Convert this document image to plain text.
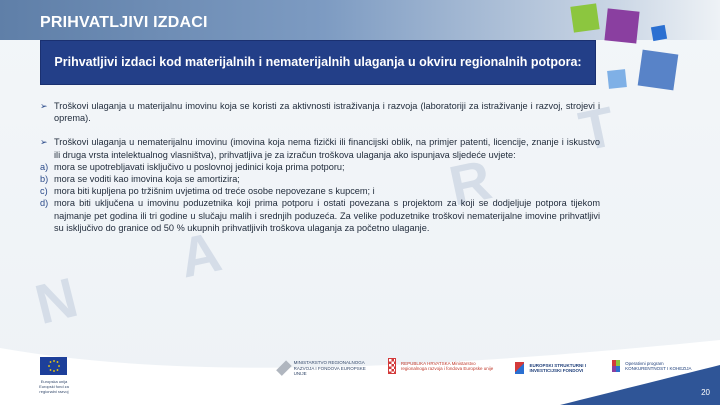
N
A
R
T
PRIHVATLJIVI IZDACI
Prihvatljivi izdaci kod materijalnih i nematerijalnih ulaganja u okviru regionalnih potpora:
➢ Troškovi ulaganja u materijalnu imovinu koja se koristi za aktivnosti istraživanja i razvoja (laboratoriji za istraživanje i razvoj, strojevi i oprema).
➢ Troškovi ulaganja u nematerijalnu imovinu (imovina koja nema fizički ili financijski oblik, na primjer patenti, licencije, znanje i iskustvo ili druga vrsta intelektualnog vlasništva), prihvatljiva je za izračun troškova ulaganja ako ispunjava sljedeće uvjete:
a) mora se upotrebljavati isključivo u poslovnoj jedinici koja prima potporu;
b) mora se voditi kao imovina koja se amortizira;
c) mora biti kupljena po tržišnim uvjetima od treće osobe nepovezane s kupcem; i
d) mora biti uključena u imovinu poduzetnika koji prima potporu i ostati povezana s projektom za koji se dodjeljuje potpora tijekom najmanje pet godina ili tri godine u slučaju malih i srednjih poduzeća. Za velike poduzetnike troškovi nematerijalne imovine prihvatljivi su isključivo do granice od 50 % ukupnih prihvatljivih troškova ulaganja za početno ulaganje.
Europska unija Europski fond za regionalni razvoj
MINISTARSTVO REGIONALNOGA RAZVOJA I FONDOVA EUROPSKE UNIJE
REPUBLIKA HRVATSKA Ministarstvo regionalnoga razvoja i fondova Europske unije
EUROPSKI STRUKTURNI I INVESTICIJSKI FONDOVI
Operativni program KONKURENTNOST I KOHEZIJA
20
